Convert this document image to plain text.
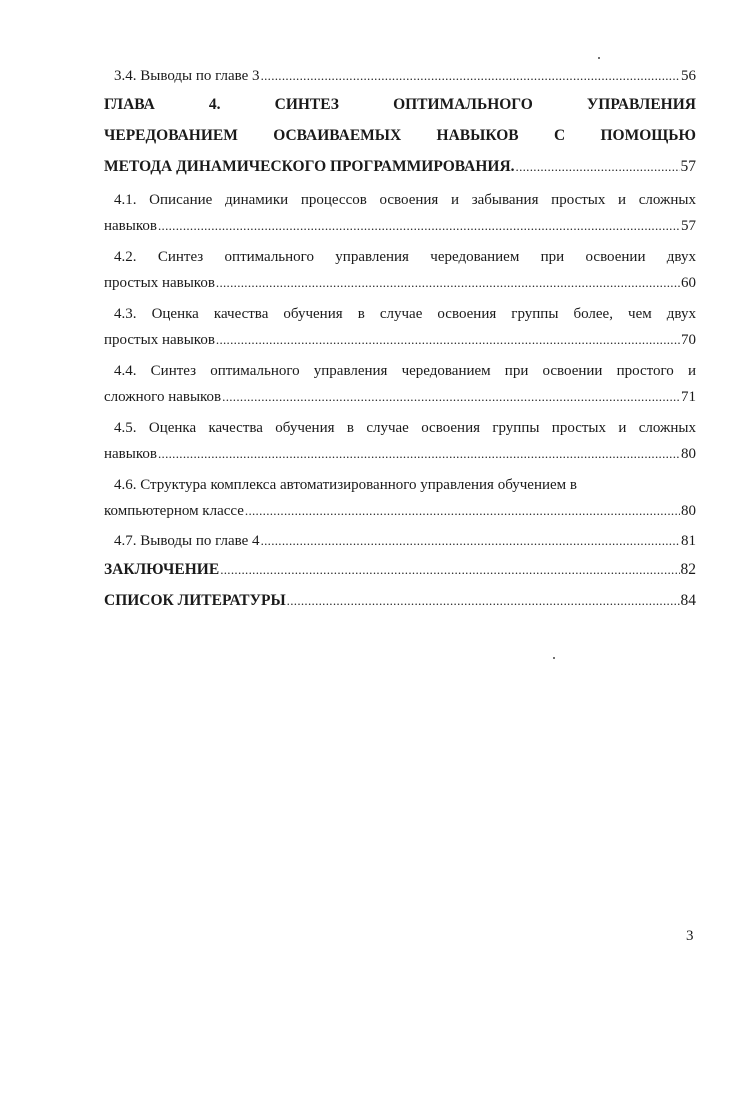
3.4. Выводы по главе 3 .....	56
ГЛАВА 4. СИНТЕЗ ОПТИМАЛЬНОГО УПРАВЛЕНИЯ
ЧЕРЕДОВАНИЕМ ОСВАИВАЕМЫХ НАВЫКОВ С ПОМОЩЬЮ
МЕТОДА ДИНАМИЧЕСКОГО ПРОГРАММИРОВАНИЯ. .....	57
4.1. Описание динамики процессов освоения и забывания простых и сложных
навыков .....	57
4.2. Синтез оптимального управления чередованием при освоении двух
простых навыков .....	60
4.3. Оценка качества обучения в случае освоения группы более, чем двух
простых навыков .....	70
4.4. Синтез оптимального управления чередованием при освоении простого и
сложного навыков .....	71
4.5. Оценка качества обучения в случае освоения группы простых и сложных
навыков .....	80
4.6. Структура комплекса автоматизированного управления обучением в
компьютерном классе .....	80
4.7. Выводы по главе 4 .....	81
ЗАКЛЮЧЕНИЕ .....	82
СПИСОК ЛИТЕРАТУРЫ .....	84
3
